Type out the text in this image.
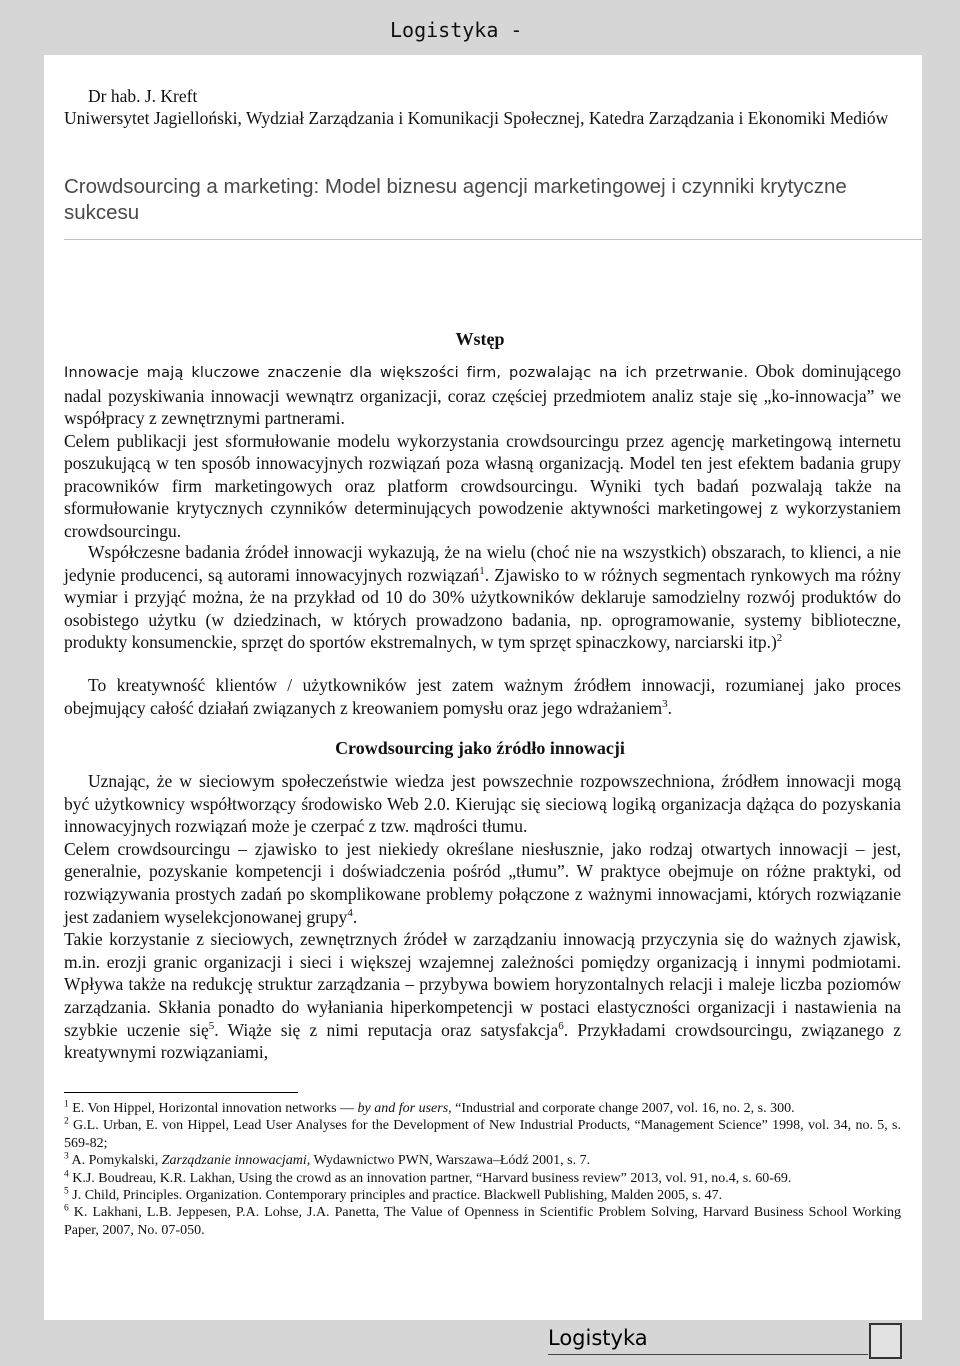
Logistyka -
Dr hab. J. Kreft
Uniwersytet Jagielloński, Wydział Zarządzania i Komunikacji Społecznej, Katedra Zarządzania i Ekonomiki Mediów
Crowdsourcing a marketing: Model biznesu agencji marketingowej i czynniki krytyczne sukcesu
Wstęp
Innowacje mają kluczowe znaczenie dla większości firm, pozwalając na ich przetrwanie. Obok dominującego nadal pozyskiwania innowacji wewnątrz organizacji, coraz częściej przedmiotem analiz staje się „ko-innowacja” we współpracy z zewnętrznymi partnerami.
Celem publikacji jest sformułowanie modelu wykorzystania crowdsourcingu przez agencję marketingową internetu poszukującą w ten sposób innowacyjnych rozwiązań poza własną organizacją. Model ten jest efektem badania grupy pracowników firm marketingowych oraz platform crowdsourcingu. Wyniki tych badań pozwalają także na sformułowanie krytycznych czynników determinujących powodzenie aktywności marketingowej z wykorzystaniem crowdsourcingu.
Współczesne badania źródeł innowacji wykazują, że na wielu (choć nie na wszystkich) obszarach, to klienci, a nie jedynie producenci, są autorami innowacyjnych rozwiązań$^1$. Zjawisko to w różnych segmentach rynkowych ma różny wymiar i przyjąć można, że na przykład od 10 do 30% użytkowników deklaruje samodzielny rozwój produktów do osobistego użytku (w dziedzinach, w których prowadzono badania, np. oprogramowanie, systemy biblioteczne, produkty konsumenckie, sprzęt do sportów ekstremalnych, w tym sprzęt spinaczkowy, narciarski itp.)$^2$
To kreatywność klientów / użytkowników jest zatem ważnym źródłem innowacji, rozumianej jako proces obejmujący całość działań związanych z kreowaniem pomysłu oraz jego wdrażaniem$^3$.
Crowdsourcing jako źródło innowacji
Uznając, że w sieciowym społeczeństwie wiedza jest powszechnie rozpowszechniona, źródłem innowacji mogą być użytkownicy współtworzący środowisko Web 2.0. Kierując się sieciową logiką organizacja dążąca do pozyskania innowacyjnych rozwiązań może je czerpać z tzw. mądrości tłumu.
Celem crowdsourcingu – zjawisko to jest niekiedy określane niesłusznie, jako rodzaj otwartych innowacji – jest, generalnie, pozyskanie kompetencji i doświadczenia pośród „tłumu”. W praktyce obejmuje on różne praktyki, od rozwiązywania prostych zadań po skomplikowane problemy połączone z ważnymi innowacjami, których rozwiązanie jest zadaniem wyselekcjonowanej grupy$^4$.
Takie korzystanie z sieciowych, zewnętrznych źródeł w zarządzaniu innowacją przyczynia się do ważnych zjawisk, m.in. erozji granic organizacji i sieci i większej wzajemnej zależności pomiędzy organizacją i innymi podmiotami. Wpływa także na redukcję struktur zarządzania – przybywa bowiem horyzontalnych relacji i maleje liczba poziomów zarządzania. Skłania ponadto do wyłaniania hiperkompetencji w postaci elastyczności organizacji i nastawienia na szybkie uczenie się$^5$. Wiąże się z nimi reputacja oraz satysfakcja$^6$. Przykładami crowdsourcingu, związanego z kreatywnymi rozwiązaniami,

$^1$ E. Von Hippel, Horizontal innovation networks — by and for users, “Industrial and corporate change 2007, vol. 16, no. 2, s. 300.

$^2$ G.L. Urban, E. von Hippel, Lead User Analyses for the Development of New Industrial Products, “Management Science” 1998, vol. 34, no. 5, s. 569-82;

$^3$ A. Pomykalski, Zarządzanie innowacjami, Wydawnictwo PWN, Warszawa–Łódź 2001, s. 7.

$^4$ K.J. Boudreau, K.R. Lakhan, Using the crowd as an innovation partner, “Harvard business review” 2013, vol. 91, no.4, s. 60-69.

$^5$ J. Child, Principles. Organization. Contemporary principles and practice. Blackwell Publishing, Malden 2005, s. 47.

$^6$ K. Lakhani, L.B. Jeppesen, P.A. Lohse, J.A. Panetta, The Value of Openness in Scientific Problem Solving, Harvard Business School Working Paper, 2007, No. 07-050.

Logistyka
